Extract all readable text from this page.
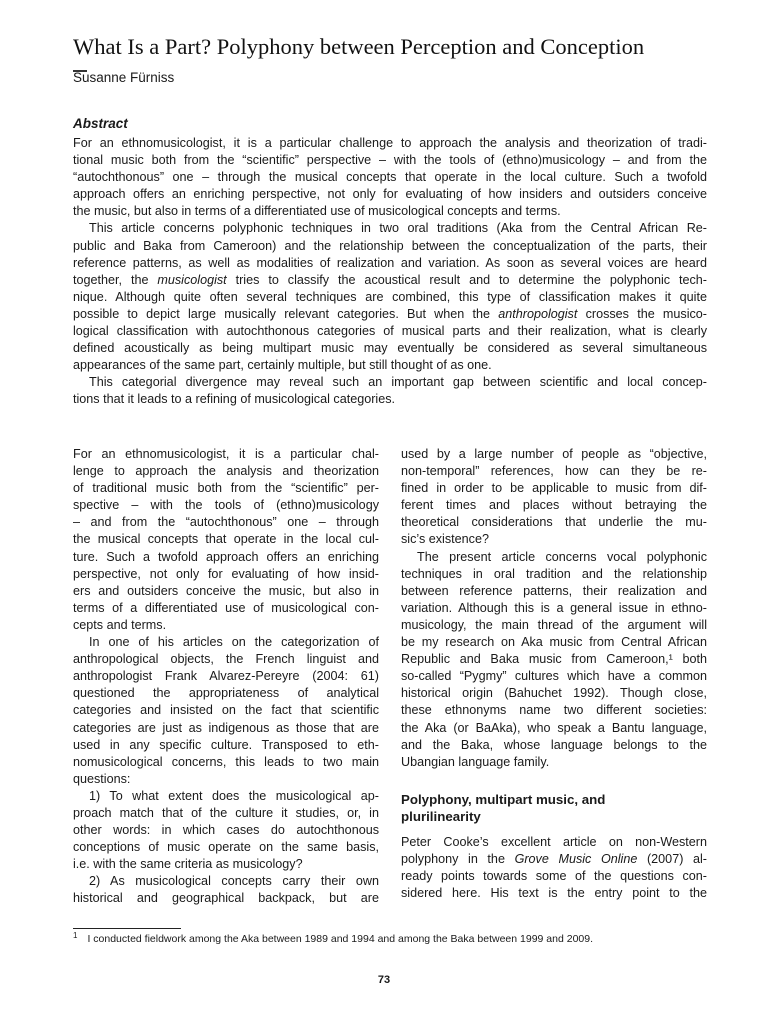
What Is a Part? Polyphony between Perception and Conception
Susanne Fürniss
Abstract
For an ethnomusicologist, it is a particular challenge to approach the analysis and theorization of tradi-
tional music both from the “scientific” perspective – with the tools of (ethno)musicology – and from the
“autochthonous” one – through the musical concepts that operate in the local culture. Such a twofold
approach offers an enriching perspective, not only for evaluating of how insiders and outsiders conceive
the music, but also in terms of a differentiated use of musicological concepts and terms.
This article concerns polyphonic techniques in two oral traditions (Aka from the Central African Re-
public and Baka from Cameroon) and the relationship between the conceptualization of the parts, their
reference patterns, as well as modalities of realization and variation. As soon as several voices are heard
together, the musicologist tries to classify the acoustical result and to determine the polyphonic tech-
nique. Although quite often several techniques are combined, this type of classification makes it quite
possible to depict large musically relevant categories. But when the anthropologist crosses the musico-
logical classification with autochthonous categories of musical parts and their realization, what is clearly
defined acoustically as being multipart music may eventually be considered as several simultaneous
appearances of the same part, certainly multiple, but still thought of as one.
This categorial divergence may reveal such an important gap between scientific and local concep-
tions that it leads to a refining of musicological categories.
For an ethnomusicologist, it is a particular chal-
lenge to approach the analysis and theorization
of traditional music both from the “scientific” per-
spective – with the tools of (ethno)musicology
– and from the “autochthonous” one – through
the musical concepts that operate in the local cul-
ture. Such a twofold approach offers an enriching
perspective, not only for evaluating of how insid-
ers and outsiders conceive the music, but also in
terms of a differentiated use of musicological con-
cepts and terms.
In one of his articles on the categorization of
anthropological objects, the French linguist and
anthropologist Frank Alvarez-Pereyre (2004: 61)
questioned the appropriateness of analytical
categories and insisted on the fact that scientific
categories are just as indigenous as those that are
used in any specific culture. Transposed to eth-
nomusicological concerns, this leads to two main
questions:
1) To what extent does the musicological ap-
proach match that of the culture it studies, or, in
other words: in which cases do autochthonous
conceptions of music operate on the same basis,
i.e. with the same criteria as musicology?
2) As musicological concepts carry their own
historical and geographical backpack, but are
used by a large number of people as “objective,
non-temporal” references, how can they be re-
fined in order to be applicable to music from dif-
ferent times and places without betraying the
theoretical considerations that underlie the mu-
sic’s existence?
The present article concerns vocal polyphonic
techniques in oral tradition and the relationship
between reference patterns, their realization and
variation. Although this is a general issue in ethno-
musicology, the main thread of the argument will
be my research on Aka music from Central African
Republic and Baka music from Cameroon,¹ both
so-called “Pygmy” cultures which have a common
historical origin (Bahuchet 1992). Though close,
these ethnonyms name two different societies:
the Aka (or BaAka), who speak a Bantu language,
and the Baka, whose language belongs to the
Ubangian language family.
Polyphony, multipart music, and
plurilinearity
Peter Cooke’s excellent article on non-Western
polyphony in the Grove Music Online (2007) al-
ready points towards some of the questions con-
sidered here. His text is the entry point to the
$^1$ I conducted fieldwork among the Aka between 1989 and 1994 and among the Baka between 1999 and 2009.
73
